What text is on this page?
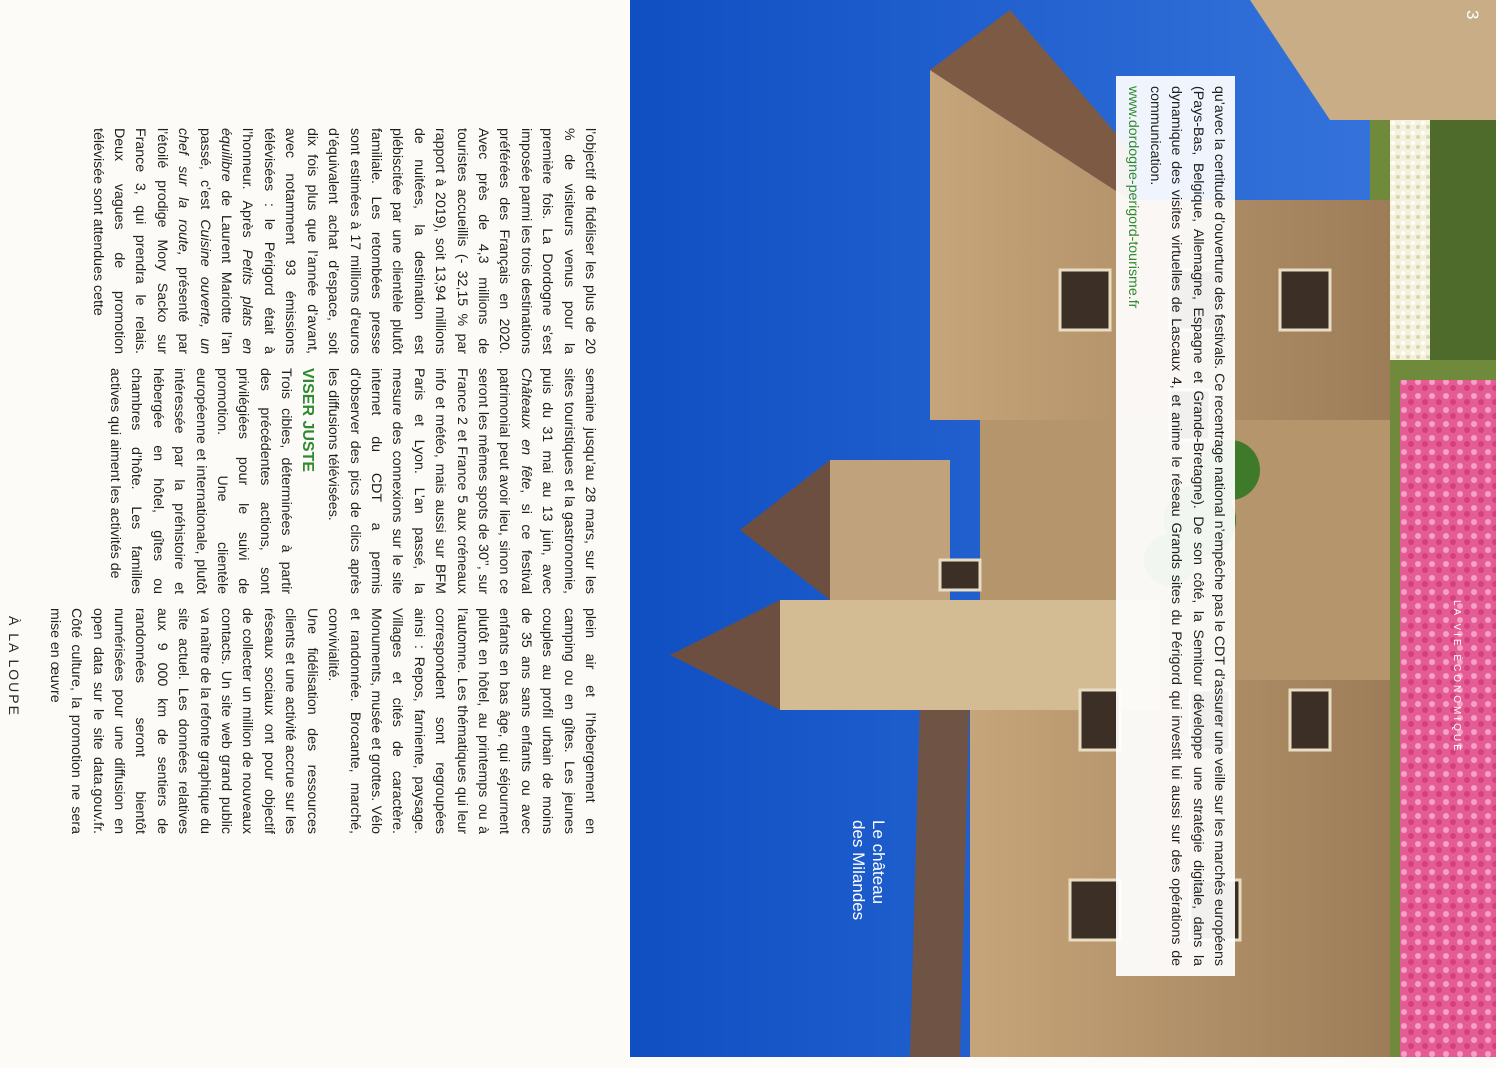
À LA LOUPE

l’objectif de fidéliser les plus de 20 % de visiteurs venus pour la première fois. La Dordogne s’est imposée parmi les trois destinations préférées des Français en 2020. Avec près de 4,3 millions de touristes accueillis (- 32,15 % par rapport à 2019), soit 13,94 millions de nuitées, la destination est plébiscitée par une clientèle plutôt familiale. Les retombées presse sont estimées à 17 millions d’euros d’équivalent achat d’espace, soit dix fois plus que l’année d’avant, avec notamment 93 émissions télévisées : le Périgord était à l’honneur. Après Petits plats en équilibre de Laurent Mariotte l’an passé, c’est Cuisine ouverte, un chef sur la route, présenté par l’étoilé prodige Mory Sacko sur France 3, qui prendra le relais. Deux vagues de promotion télévisée sont attendues cette

semaine jusqu’au 28 mars, sur les sites touristiques et la gastronomie, puis du 31 mai au 13 juin, avec Châteaux en fête, si ce festival patrimonial peut avoir lieu, sinon ce seront les mêmes spots de 30’’, sur France 2 et France 5 aux créneaux info et météo, mais aussi sur BFM Paris et Lyon. L’an passé, la mesure des connexions sur le site internet du CDT a permis d’observer des pics de clics après les diffusions télévisées.

VISER JUSTE

Trois cibles, déterminées à partir des précédentes actions, sont privilégiées pour le suivi de promotion. Une clientèle européenne et internationale, plutôt intéressée par la préhistoire et hébergée en hôtel, gîtes ou chambres d’hôte. Les familles actives qui aiment les activités de

plein air et l’hébergement en camping ou en gîtes. Les jeunes couples au profil urbain de moins de 35 ans sans enfants ou avec enfants en bas âge, qui séjournent plutôt en hôtel, au printemps ou à l’automne. Les thématiques qui leur correspondent sont regroupées ainsi : Repos, farniente, paysage. Villages et cités de caractère. Monuments, musée et grottes. Vélo et randonnée. Brocante, marché, convivialité.

Une fidélisation des ressources clients et une activité accrue sur les réseaux sociaux ont pour objectif de collecter un million de nouveaux contacts. Un site web grand public va naître de la refonte graphique du site actuel. Les données relatives aux 9 000 km de sentiers de randonnées seront bientôt numérisées pour une diffusion en open data sur le site data.gouv.fr. Côté culture, la promotion ne sera mise en œuvre	qu’avec la certitude d’ouverture des festivals. Ce recentrage national n’empêche pas le CDT d’assurer une veille sur les marchés européens (Pays-Bas, Belgique, Allemagne, Espagne et Grande-Bretagne). De son côté, la Semitour développe une stratégie digitale, dans la dynamique des visites virtuelles de Lascaux 4, et anime le réseau Grands sites du Périgord qui investit lui aussi sur des opérations de communication.
www.dordogne-perigord-tourisme.fr
Le château
des Milandes
LA VIE ÉCONOMIQUE
3
